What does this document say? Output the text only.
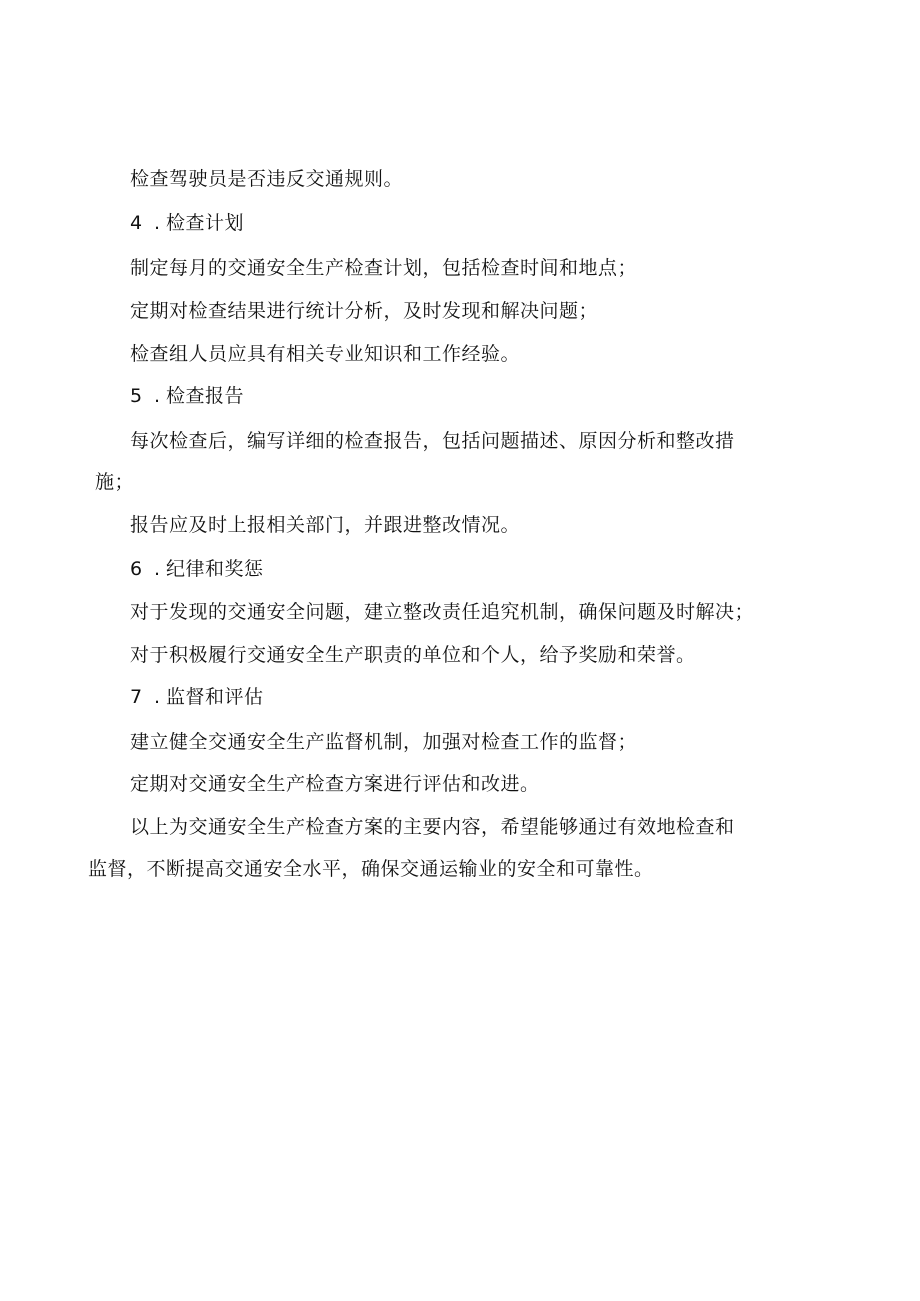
检查驾驶员是否违反交通规则。
4 . 检查计划
制定每月的交通安全生产检查计划，包括检查时间和地点；
定期对检查结果进行统计分析，及时发现和解决问题；
检查组人员应具有相关专业知识和工作经验。
5 . 检查报告
每次检查后，编写详细的检查报告，包括问题描述、原因分析和整改措
施；
报告应及时上报相关部门，并跟进整改情况。
6 . 纪律和奖惩
对于发现的交通安全问题，建立整改责任追究机制，确保问题及时解决；
对于积极履行交通安全生产职责的单位和个人，给予奖励和荣誉。
7 . 监督和评估
建立健全交通安全生产监督机制，加强对检查工作的监督；
定期对交通安全生产检查方案进行评估和改进。
以上为交通安全生产检查方案的主要内容，希望能够通过有效地检查和
监督，不断提高交通安全水平，确保交通运输业的安全和可靠性。
